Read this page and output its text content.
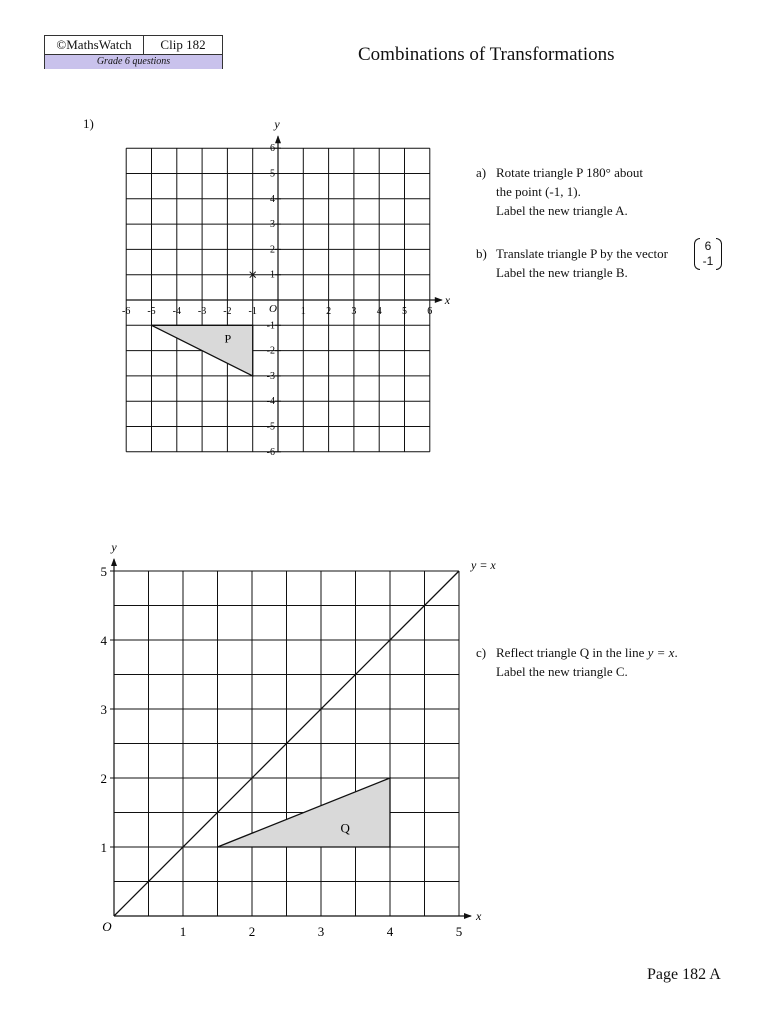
©MathsWatch	Clip 182
Grade 6 questions	Combinations of Transformations
1)
a) Rotate triangle P 180° about
the point (-1, 1).
Label the new triangle A.
b) Translate triangle P by the vector
Label the new triangle B.
6
-1
c) Reflect triangle Q in the line y = x.
Label the new triangle C.
x
y
O
-6 -5 -4 -3 -2 -1	1 2 3 4 5 6
6
5
4
3
2
1
-1
-2
-3
-4
-5
-6
P
x
y
O	1	2	3	4	5
1
2
3
4
5	y = x
Q
Page 182 A
